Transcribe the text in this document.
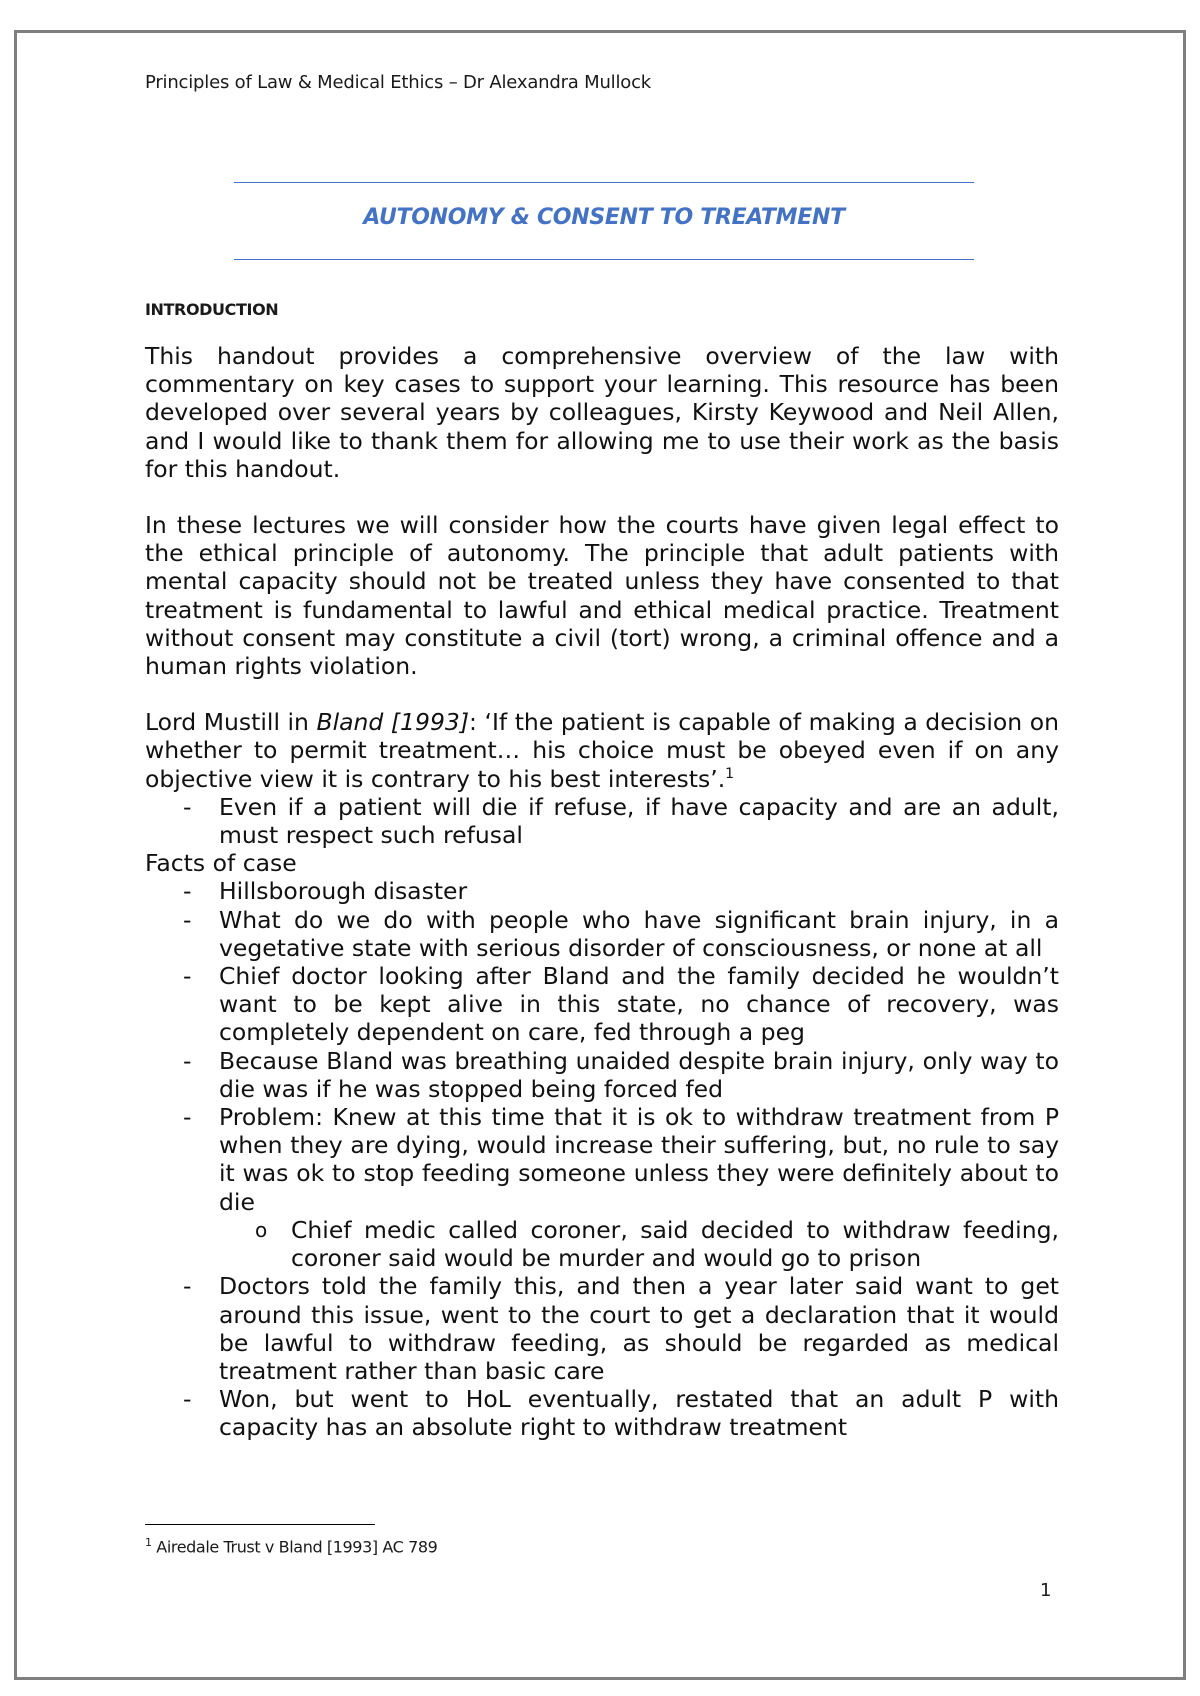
Principles of Law & Medical Ethics – Dr Alexandra Mullock

AUTONOMY & CONSENT TO TREATMENT
INTRODUCTION

This handout provides a comprehensive overview of the law with commentary on key cases to support your learning. This resource has been developed over several years by colleagues, Kirsty Keywood and Neil Allen, and I would like to thank them for allowing me to use their work as the basis for this handout.

In these lectures we will consider how the courts have given legal effect to the ethical principle of autonomy. The principle that adult patients with mental capacity should not be treated unless they have consented to that treatment is fundamental to lawful and ethical medical practice. Treatment without consent may constitute a civil (tort) wrong, a criminal offence and a human rights violation.

Lord Mustill in Bland [1993]: ‘If the patient is capable of making a decision on whether to permit treatment… his choice must be obeyed even if on any objective view it is contrary to his best interests’.$^1$

- Even if a patient will die if refuse, if have capacity and are an adult, must respect such refusal

Facts of case

- Hillsborough disaster
- What do we do with people who have significant brain injury, in a vegetative state with serious disorder of consciousness, or none at all
- Chief doctor looking after Bland and the family decided he wouldn’t want to be kept alive in this state, no chance of recovery, was completely dependent on care, fed through a peg
- Because Bland was breathing unaided despite brain injury, only way to die was if he was stopped being forced fed
- Problem: Knew at this time that it is ok to withdraw treatment from P when they are dying, would increase their suffering, but, no rule to say it was ok to stop feeding someone unless they were definitely about to die
o Chief medic called coroner, said decided to withdraw feeding, coroner said would be murder and would go to prison
- Doctors told the family this, and then a year later said want to get around this issue, went to the court to get a declaration that it would be lawful to withdraw feeding, as should be regarded as medical treatment rather than basic care
- Won, but went to HoL eventually, restated that an adult P with capacity has an absolute right to withdraw treatment

$^1$ Airedale Trust v Bland [1993] AC 789

1
